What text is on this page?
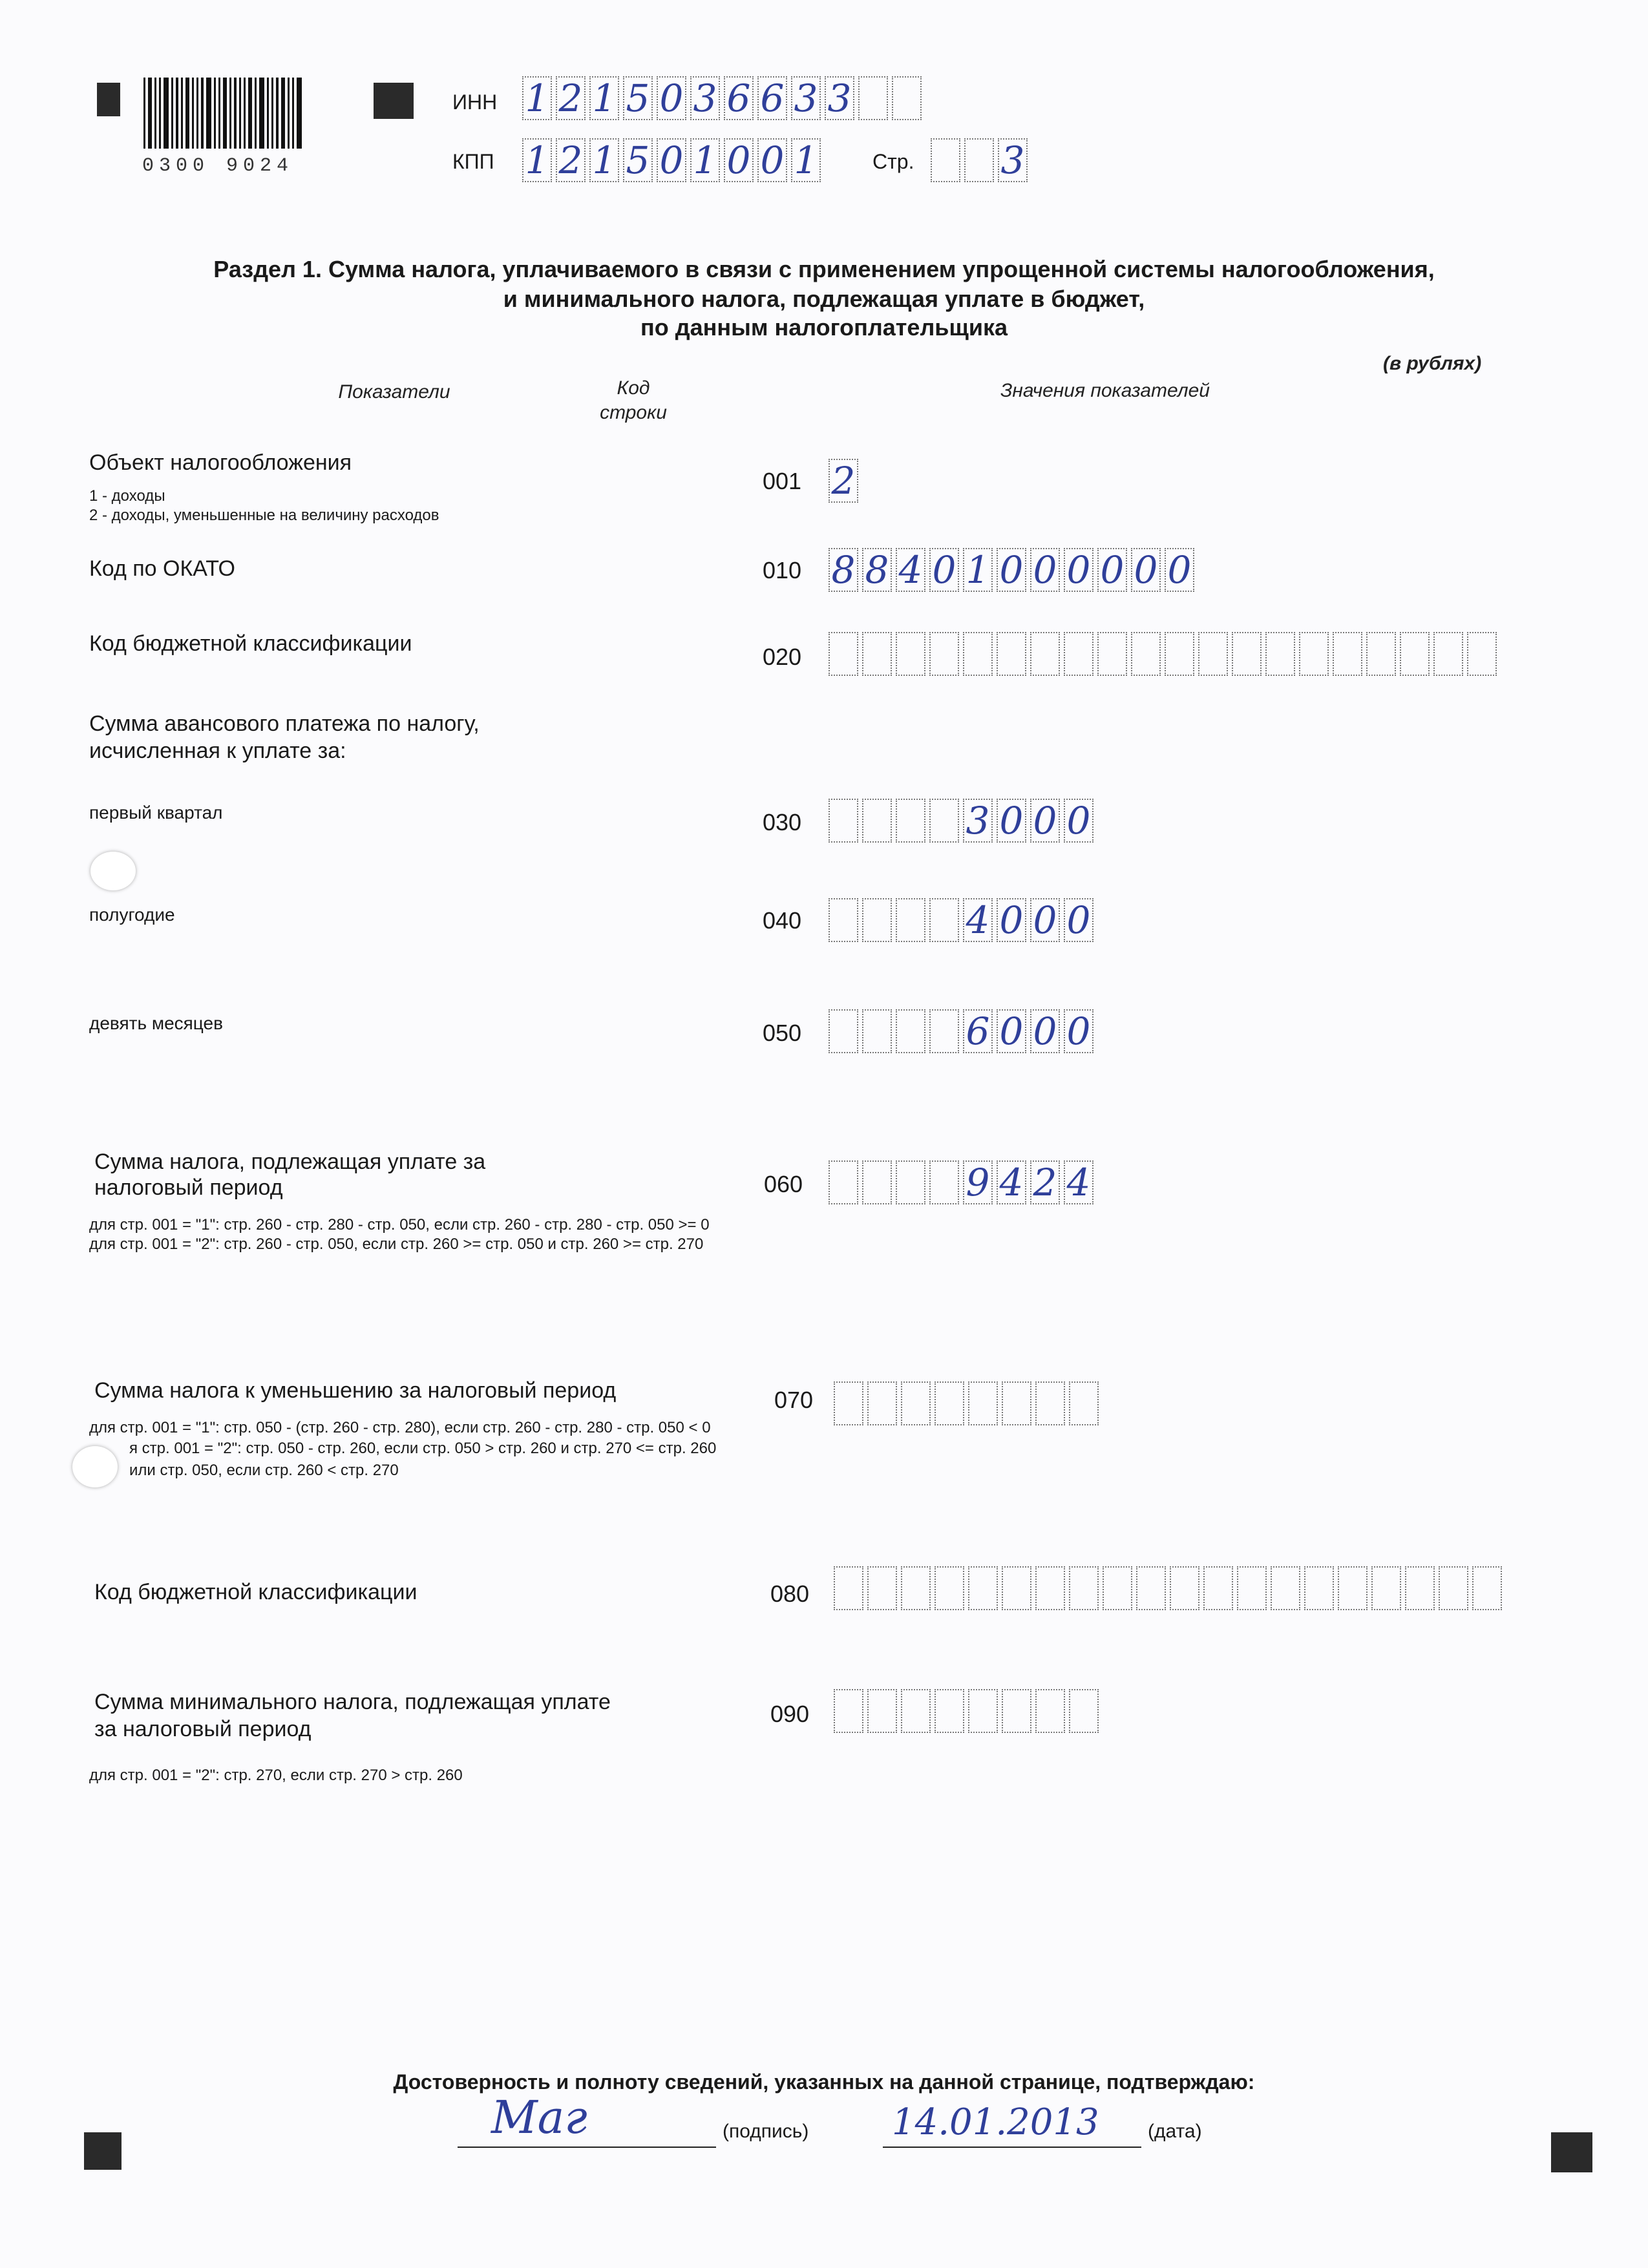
0300 9024
ИНН 1 2 1 5 0 3 6 6 3 3
КПП 1 2 1 5 0 1 0 0 1	Стр. 3
Раздел 1. Сумма налога, уплачиваемого в связи с применением упрощенной системы налогообложения,
и минимального налога, подлежащая уплате в бюджет,
по данным налогоплательщика
(в рублях)
Показатели	Код
строки
Значения показателей
Объект налогообложения
1 - доходы
2 - доходы, уменьшенные на величину расходов
001 2
Код по ОКАТО	010 8 8 4 0 1 0 0 0 0 0 0
Код бюджетной классификации	020
Сумма авансового платежа по налогу,
исчисленная к уплате за:
первый квартал	030	3 0 0 0
полугодие	040	4 0 0 0
девять месяцев	050	6 0 0 0
Сумма налога, подлежащая уплате за
налоговый период
для стр. 001 = "1": стр. 260 - стр. 280 - стр. 050, если стр. 260 - стр. 280 - стр. 050 >= 0
для стр. 001 = "2": стр. 260 - стр. 050, если стр. 260 >= стр. 050 и стр. 260 >= стр. 270
060	9 4 2 4
Сумма налога к уменьшению за налоговый период
для стр. 001 = "1": стр. 050 - (стр. 260 - стр. 280), если стр. 260 - стр. 280 - стр. 050 < 0
я стр. 001 = "2": стр. 050 - стр. 260, если стр. 050 > стр. 260 и стр. 270 <= стр. 260
или стр. 050, если стр. 260 < стр. 270
070
Код бюджетной классификации	080
Сумма минимального налога, подлежащая уплате
за налоговый период
для стр. 001 = "2": стр. 270, если стр. 270 > стр. 260
090
Достоверность и полноту сведений, указанных на данной странице, подтверждаю:
Маг	(подпись) 14.01.2013	(дата)
